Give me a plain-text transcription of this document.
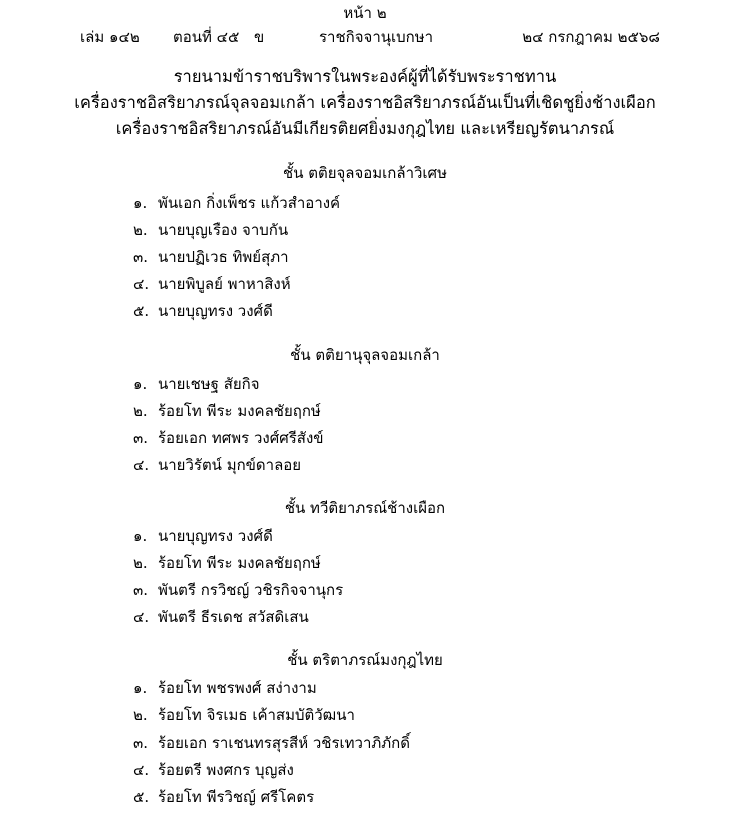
หน้า ๒
เล่ม ๑๔๒ ตอนที่ ๔๕ ข	ราชกิจจานุเบกษา	๒๔ กรกฎาคม ๒๕๖๘
รายนามข้าราชบริพารในพระองค์ผู้ที่ได้รับพระราชทาน
เครื่องราชอิสริยาภรณ์จุลจอมเกล้า เครื่องราชอิสริยาภรณ์อันเป็นที่เชิดชูยิ่งช้างเผือก
เครื่องราชอิสริยาภรณ์อันมีเกียรติยศยิ่งมงกุฎไทย และเหรียญรัตนาภรณ์
ชั้น ตติยจุลจอมเกล้าวิเศษ
๑. พันเอก กิ่งเพ็ชร แก้วสำอางค์
๒. นายบุญเรือง จาบกัน
๓. นายปฏิเวธ ทิพย์สุภา
๔. นายพิบูลย์ พาหาสิงห์
๕. นายบุญทรง วงศ์ดี
ชั้น ตติยานุจุลจอมเกล้า
๑. นายเชษฐ สัยกิจ
๒. ร้อยโท พีระ มงคลชัยฤกษ์
๓. ร้อยเอก ทศพร วงศ์ศรีสังข์
๔. นายวิรัตน์ มุกข์ดาลอย
ชั้น ทวีติยาภรณ์ช้างเผือก
๑. นายบุญทรง วงศ์ดี
๒. ร้อยโท พีระ มงคลชัยฤกษ์
๓. พันตรี กรวิชญ์ วชิรกิจจานุกร
๔. พันตรี ธีรเดช สวัสดิเสน
ชั้น ตริตาภรณ์มงกุฎไทย
๑. ร้อยโท พชรพงศ์ สง่างาม
๒. ร้อยโท จิรเมธ เค้าสมบัติวัฒนา
๓. ร้อยเอก ราเชนทรสุรสีห์ วชิรเทวาภิภักดิ์
๔. ร้อยตรี พงศกร บุญส่ง
๕. ร้อยโท พีรวิชญ์ ศรีโคตร
